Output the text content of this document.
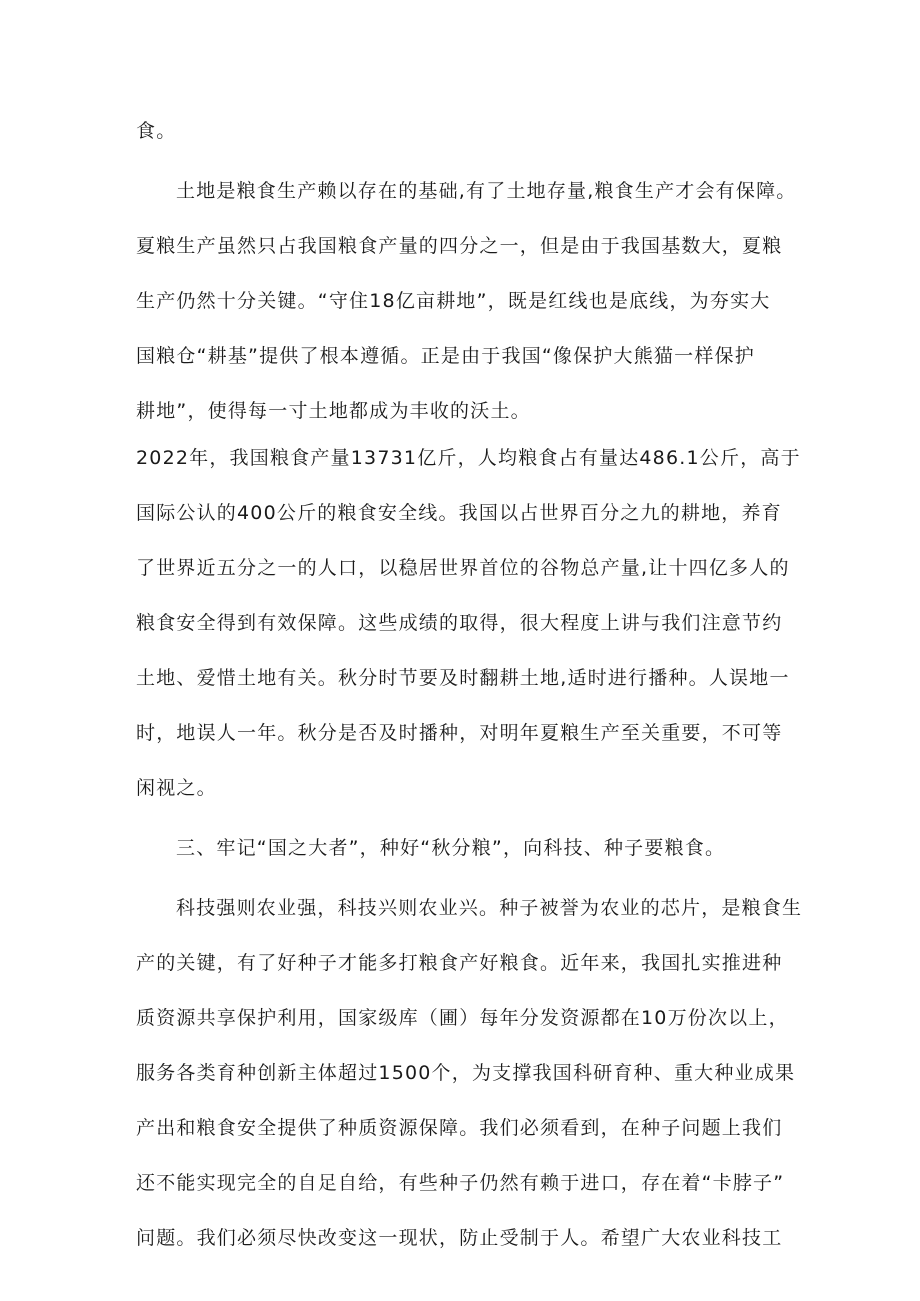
食。
土地是粮食生产赖以存在的基础,有了土地存量,粮食生产才会有保障。
夏粮生产虽然只占我国粮食产量的四分之一，但是由于我国基数大，夏粮
生产仍然十分关键。“守住18亿亩耕地”，既是红线也是底线，为夯实大
国粮仓“耕基”提供了根本遵循。正是由于我国“像保护大熊猫一样保护
耕地”，使得每一寸土地都成为丰收的沃土。
2022年，我国粮食产量13731亿斤，人均粮食占有量达486.1公斤，高于
国际公认的400公斤的粮食安全线。我国以占世界百分之九的耕地，养育
了世界近五分之一的人口，以稳居世界首位的谷物总产量,让十四亿多人的
粮食安全得到有效保障。这些成绩的取得，很大程度上讲与我们注意节约
土地、爱惜土地有关。秋分时节要及时翻耕土地,适时进行播种。人误地一
时，地误人一年。秋分是否及时播种，对明年夏粮生产至关重要，不可等
闲视之。
三、牢记“国之大者”，种好“秋分粮”，向科技、种子要粮食。
科技强则农业强，科技兴则农业兴。种子被誉为农业的芯片，是粮食生
产的关键，有了好种子才能多打粮食产好粮食。近年来，我国扎实推进种
质资源共享保护利用，国家级库（圃）每年分发资源都在10万份次以上，
服务各类育种创新主体超过1500个，为支撑我国科研育种、重大种业成果
产出和粮食安全提供了种质资源保障。我们必须看到，在种子问题上我们
还不能实现完全的自足自给，有些种子仍然有赖于进口，存在着“卡脖子”
问题。我们必须尽快改变这一现状，防止受制于人。希望广大农业科技工
